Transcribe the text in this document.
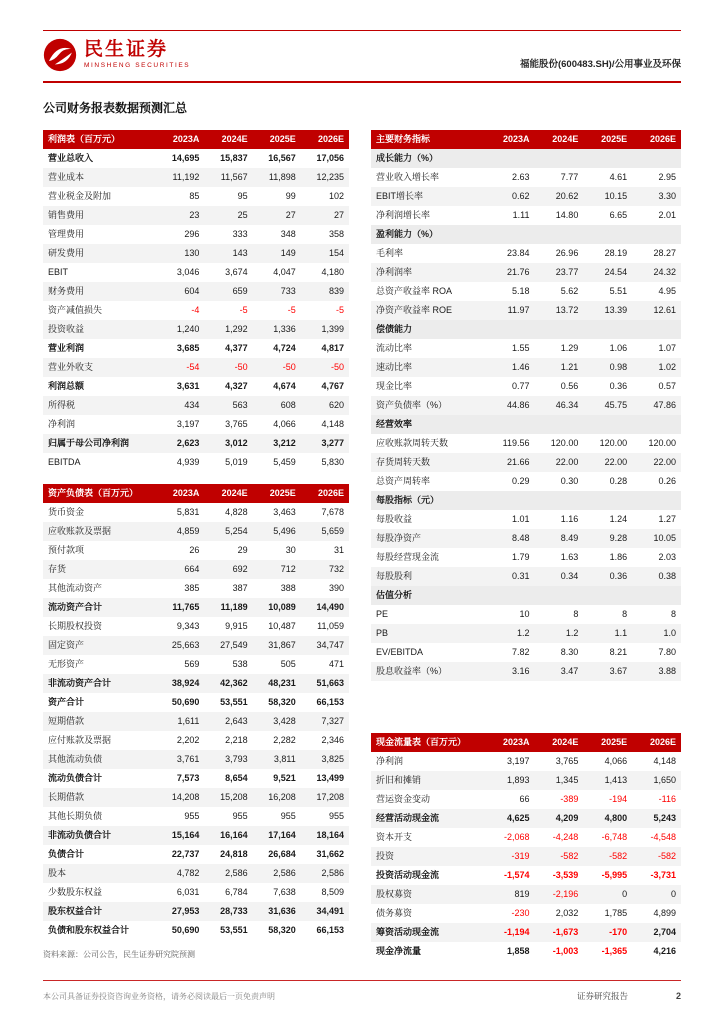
民生证券
MINSHENG SECURITIES	福能股份(600483.SH)/公用事业及环保
公司财务报表数据预测汇总
利润表（百万元）	2023A	2024E	2025E	2026E
营业总收入	14,695	15,837	16,567	17,056
营业成本	11,192	11,567	11,898	12,235
营业税金及附加	85	95	99	102
销售费用	23	25	27	27
管理费用	296	333	348	358
研发费用	130	143	149	154
EBIT	3,046	3,674	4,047	4,180
财务费用	604	659	733	839
资产减值损失	-4	-5	-5	-5
投资收益	1,240	1,292	1,336	1,399
营业利润	3,685	4,377	4,724	4,817
营业外收支	-54	-50	-50	-50
利润总额	3,631	4,327	4,674	4,767
所得税	434	563	608	620
净利润	3,197	3,765	4,066	4,148
归属于母公司净利润	2,623	3,012	3,212	3,277
EBITDA	4,939	5,019	5,459	5,830
资产负债表（百万元）	2023A	2024E	2025E	2026E
货币资金	5,831	4,828	3,463	7,678
应收账款及票据	4,859	5,254	5,496	5,659
预付款项	26	29	30	31
存货	664	692	712	732
其他流动资产	385	387	388	390
流动资产合计	11,765	11,189	10,089	14,490
长期股权投资	9,343	9,915	10,487	11,059
固定资产	25,663	27,549	31,867	34,747
无形资产	569	538	505	471
非流动资产合计	38,924	42,362	48,231	51,663
资产合计	50,690	53,551	58,320	66,153
短期借款	1,611	2,643	3,428	7,327
应付账款及票据	2,202	2,218	2,282	2,346
其他流动负债	3,761	3,793	3,811	3,825
流动负债合计	7,573	8,654	9,521	13,499
长期借款	14,208	15,208	16,208	17,208
其他长期负债	955	955	955	955
非流动负债合计	15,164	16,164	17,164	18,164
负债合计	22,737	24,818	26,684	31,662
股本	4,782	2,586	2,586	2,586
少数股东权益	6,031	6,784	7,638	8,509
股东权益合计	27,953	28,733	31,636	34,491
负债和股东权益合计	50,690	53,551	58,320	66,153
资料来源：公司公告，民生证券研究院预测
主要财务指标	2023A	2024E	2025E	2026E
成长能力（%）				
营业收入增长率	2.63	7.77	4.61	2.95
EBIT增长率	0.62	20.62	10.15	3.30
净利润增长率	1.11	14.80	6.65	2.01
盈利能力（%）				
毛利率	23.84	26.96	28.19	28.27
净利润率	21.76	23.77	24.54	24.32
总资产收益率 ROA	5.18	5.62	5.51	4.95
净资产收益率 ROE	11.97	13.72	13.39	12.61
偿债能力				
流动比率	1.55	1.29	1.06	1.07
速动比率	1.46	1.21	0.98	1.02
现金比率	0.77	0.56	0.36	0.57
资产负债率（%）	44.86	46.34	45.75	47.86
经营效率				
应收账款周转天数	119.56	120.00	120.00	120.00
存货周转天数	21.66	22.00	22.00	22.00
总资产周转率	0.29	0.30	0.28	0.26
每股指标（元）				
每股收益	1.01	1.16	1.24	1.27
每股净资产	8.48	8.49	9.28	10.05
每股经营现金流	1.79	1.63	1.86	2.03
每股股利	0.31	0.34	0.36	0.38
估值分析				
PE	10	8	8	8
PB	1.2	1.2	1.1	1.0
EV/EBITDA	7.82	8.30	8.21	7.80
股息收益率（%）	3.16	3.47	3.67	3.88
现金流量表（百万元）	2023A	2024E	2025E	2026E
净利润	3,197	3,765	4,066	4,148
折旧和摊销	1,893	1,345	1,413	1,650
营运资金变动	66	-389	-194	-116
经营活动现金流	4,625	4,209	4,800	5,243
资本开支	-2,068	-4,248	-6,748	-4,548
投资	-319	-582	-582	-582
投资活动现金流	-1,574	-3,539	-5,995	-3,731
股权募资	819	-2,196	0	0
债务募资	-230	2,032	1,785	4,899
筹资活动现金流	-1,194	-1,673	-170	2,704
现金净流量	1,858	-1,003	-1,365	4,216
本公司具备证券投资咨询业务资格，请务必阅读最后一页免责声明	证券研究报告	2
